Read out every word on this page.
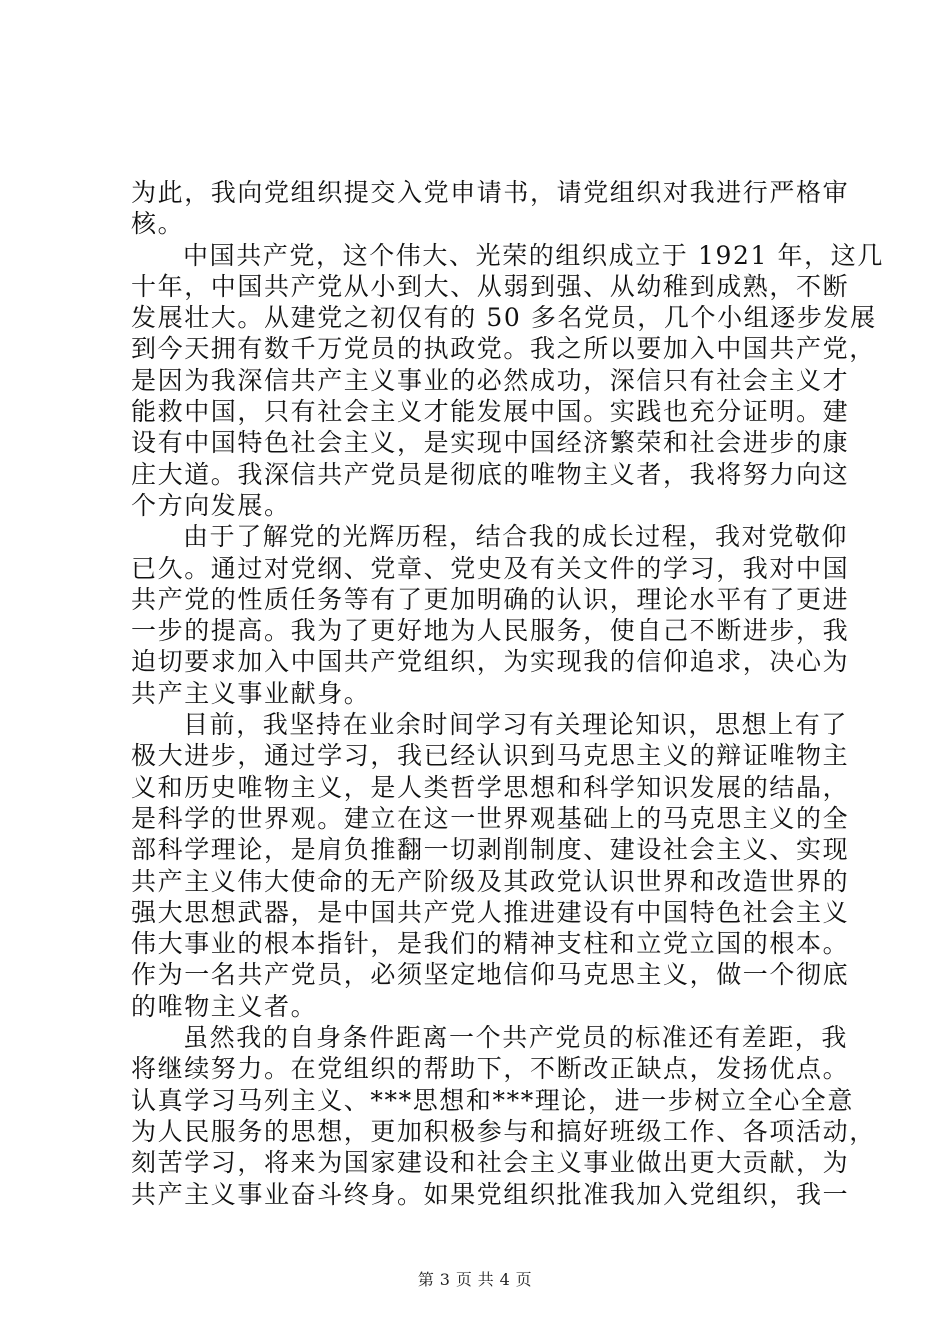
为此，我向党组织提交入党申请书，请党组织对我进行严格审
核。
中国共产党，这个伟大、光荣的组织成立于 1921 年，这几
十年，中国共产党从小到大、从弱到强、从幼稚到成熟，不断
发展壮大。从建党之初仅有的 50 多名党员，几个小组逐步发展
到今天拥有数千万党员的执政党。我之所以要加入中国共产党，
是因为我深信共产主义事业的必然成功，深信只有社会主义才
能救中国，只有社会主义才能发展中国。实践也充分证明。建
设有中国特色社会主义，是实现中国经济繁荣和社会进步的康
庄大道。我深信共产党员是彻底的唯物主义者，我将努力向这
个方向发展。
由于了解党的光辉历程，结合我的成长过程，我对党敬仰
已久。通过对党纲、党章、党史及有关文件的学习，我对中国
共产党的性质任务等有了更加明确的认识，理论水平有了更进
一步的提高。我为了更好地为人民服务，使自己不断进步，我
迫切要求加入中国共产党组织，为实现我的信仰追求，决心为
共产主义事业献身。
目前，我坚持在业余时间学习有关理论知识，思想上有了
极大进步，通过学习，我已经认识到马克思主义的辩证唯物主
义和历史唯物主义，是人类哲学思想和科学知识发展的结晶，
是科学的世界观。建立在这一世界观基础上的马克思主义的全
部科学理论，是肩负推翻一切剥削制度、建设社会主义、实现
共产主义伟大使命的无产阶级及其政党认识世界和改造世界的
强大思想武器，是中国共产党人推进建设有中国特色社会主义
伟大事业的根本指针，是我们的精神支柱和立党立国的根本。
作为一名共产党员，必须坚定地信仰马克思主义，做一个彻底
的唯物主义者。
虽然我的自身条件距离一个共产党员的标准还有差距，我
将继续努力。在党组织的帮助下，不断改正缺点，发扬优点。
认真学习马列主义、***思想和***理论，进一步树立全心全意
为人民服务的思想，更加积极参与和搞好班级工作、各项活动，
刻苦学习，将来为国家建设和社会主义事业做出更大贡献，为
共产主义事业奋斗终身。如果党组织批准我加入党组织，我一
第 3 页 共 4 页
